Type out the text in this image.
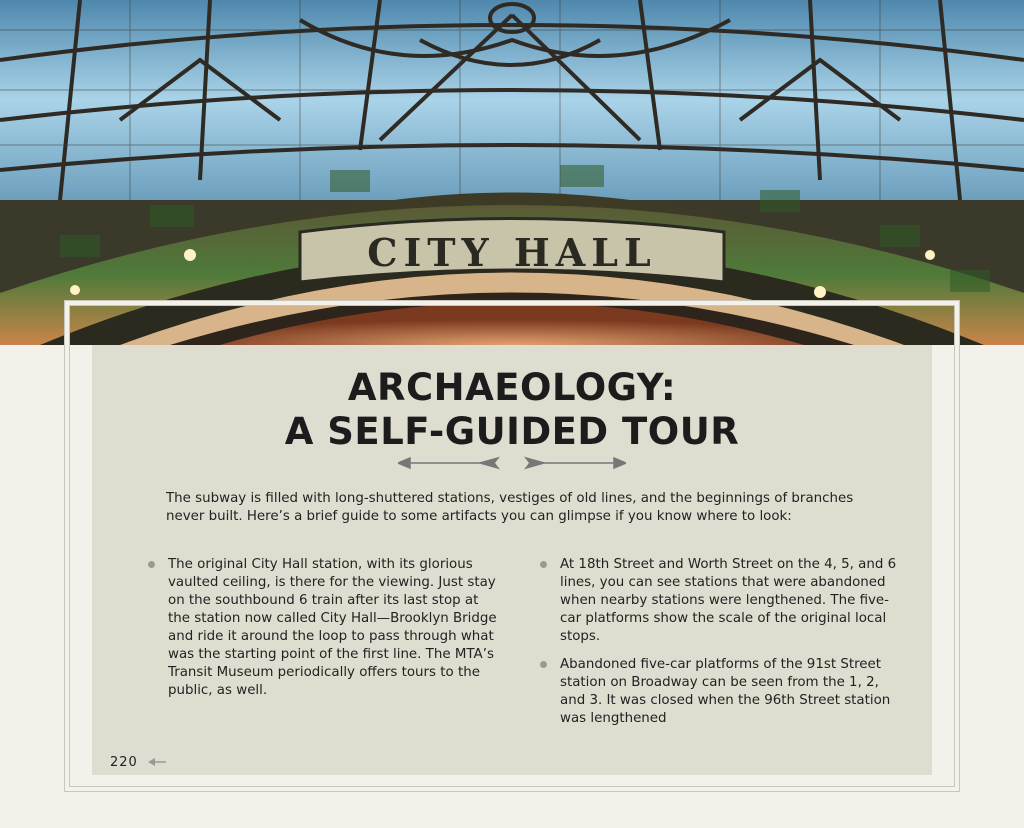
CITY HALL
ARCHAEOLOGY:
A SELF-GUIDED TOUR

The subway is filled with long-shuttered stations, vestiges of old lines, and the beginnings of branches never built. Here’s a brief guide to some artifacts you can glimpse if you know where to look:

The original City Hall station, with its glorious vaulted ceiling, is there for the viewing. Just stay on the southbound 6 train after its last stop at the station now called City Hall—Brooklyn Bridge and ride it around the loop to pass through what was the starting point of the first line. The MTA’s Transit Museum periodically offers tours to the public, as well.
At 18th Street and Worth Street on the 4, 5, and 6 lines, you can see stations that were abandoned when nearby stations were lengthened. The five-car platforms show the scale of the original local stops.
Abandoned five-car platforms of the 91st Street station on Broadway can be seen from the 1, 2, and 3. It was closed when the 96th Street station was lengthened
220
